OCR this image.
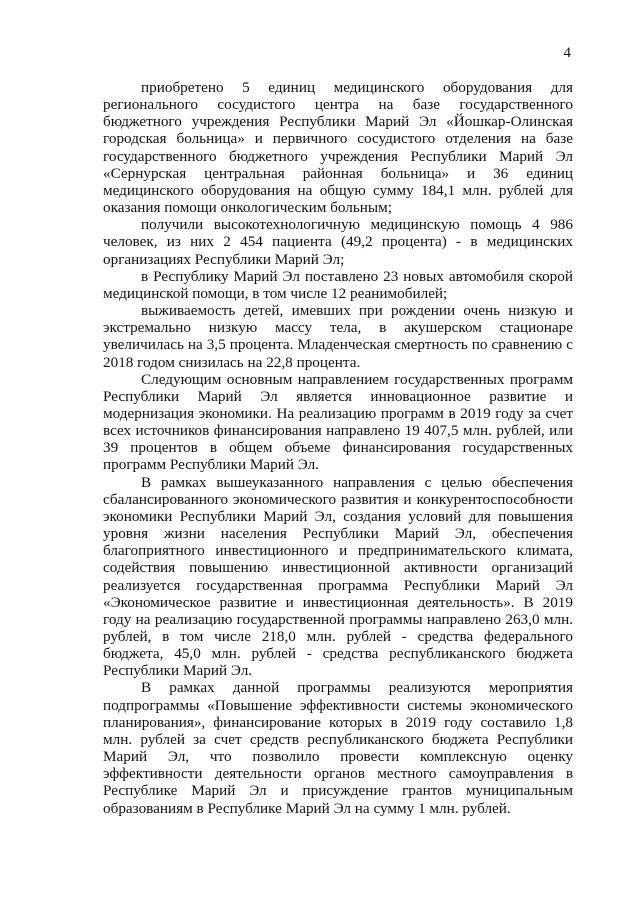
4

приобретено 5 единиц медицинского оборудования для регионального сосудистого центра на базе государственного бюджетного учреждения Республики Марий Эл «Йошкар-Олинская городская больница» и первичного сосудистого отделения на базе государственного бюджетного учреждения Республики Марий Эл «Сернурская центральная районная больница» и 36 единиц медицинского оборудования на общую сумму 184,1 млн. рублей для оказания помощи онкологическим больным;

получили высокотехнологичную медицинскую помощь 4 986 человек, из них 2 454 пациента (49,2 процента) - в медицинских организациях Республики Марий Эл;

в Республику Марий Эл поставлено 23 новых автомобиля скорой медицинской помощи, в том числе 12 реанимобилей;

выживаемость детей, имевших при рождении очень низкую и экстремально низкую массу тела, в акушерском стационаре увеличилась на 3,5 процента. Младенческая смертность по сравнению с 2018 годом снизилась на 22,8 процента.

Следующим основным направлением государственных программ Республики Марий Эл является инновационное развитие и модернизация экономики. На реализацию программ в 2019 году за счет всех источников финансирования направлено 19 407,5 млн. рублей, или 39 процентов в общем объеме финансирования государственных программ Республики Марий Эл.

В рамках вышеуказанного направления с целью обеспечения сбалансированного экономического развития и конкурентоспособности экономики Республики Марий Эл, создания условий для повышения уровня жизни населения Республики Марий Эл, обеспечения благоприятного инвестиционного и предпринимательского климата, содействия повышению инвестиционной активности организаций реализуется государственная программа Республики Марий Эл «Экономическое развитие и инвестиционная деятельность». В 2019 году на реализацию государственной программы направлено 263,0 млн. рублей, в том числе 218,0 млн. рублей - средства федерального бюджета, 45,0 млн. рублей - средства республиканского бюджета Республики Марий Эл.

В рамках данной программы реализуются мероприятия подпрограммы «Повышение эффективности системы экономического планирования», финансирование которых в 2019 году составило 1,8 млн. рублей за счет средств республиканского бюджета Республики Марий Эл, что позволило провести комплексную оценку эффективности деятельности органов местного самоуправления в Республике Марий Эл и присуждение грантов муниципальным образованиям в Республике Марий Эл на сумму 1 млн. рублей.
